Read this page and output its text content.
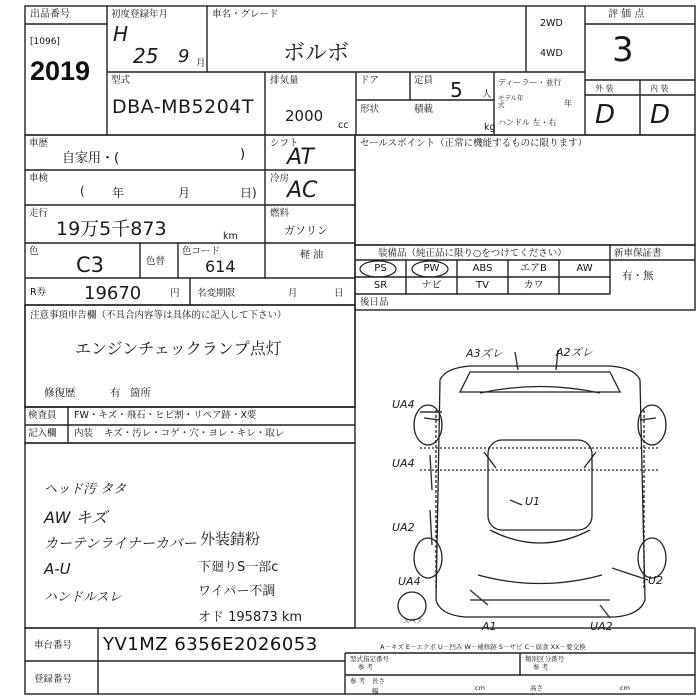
出品番号
[1096]
2019
初度登録年月
H
25 9 月
車名・グレード
ボルボ
2WD
4WD
評 価 点
3
型式
DBA-MB5204T
排気量
2000
cc
ドア	定員 5 人
形状	積載
kg
ディーラー・並行
モデル年式	年
ハンドル 左・右
外 装	内 装
D D
車歴
自家用・(	)
シフト
AT
車検
( 年	月	日)
冷房
AC
走行
19万5千873	km
燃料
ガソリン
軽 油
色
C3	色替
色コード
614
R券 19670	円 名変期限	月	日
セールスポイント（正常に機能するものに限ります）
装備品（純正品に限り○をつけてください）	新車保証書
有・無
PS	PW	ABS	エアB	AW
SR	ナビ	TV	カワ
後日品
注意事項申告欄（不具合内容等は具体的に記入して下さい）
エンジンチェックランプ点灯
修復歴	有 箇所
検査員
記入欄
FW・キズ・飛石・ヒビ割・リペア跡・X要
内装 キズ・汚レ・コゲ・穴・ヨレ・キレ・取レ
ヘッド汚 タタ
AW キズ
カーテンライナーカバー
A-U
ハンドルスレ
外装錆粉
下廻りS一部c
ワイパー不調
オド 195873 km
A3ズレ	A2ズレ
UA4
UA4
U1
UA2
UA4	U2
A1	UA2
スペア
A－キズ E－エクボ U－凹み W－補修跡 S－サビ C－腐食 XX－要交換
車台番号 YV1MZ 6356E2026053
登録番号
型式指定番号
参 考
類別区分番号
参 考
参 考 長さ
幅	cm	高さ	cm
